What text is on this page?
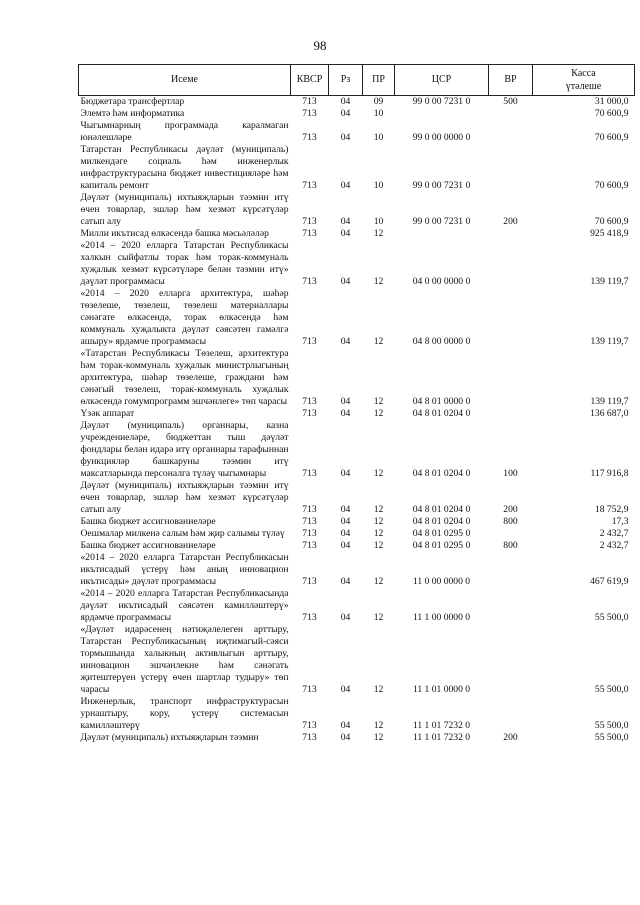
98
Исеме	КВСР	Рз	ПР	ЦСР	ВР	Касса
үтәлеше
Бюджетара трансфертлар	713	04	09	99 0 00 7231 0	500	31 000,0
Элемтә һәм информатика	713	04	10			70 600,9
Чыгымнарның программада каралмаган юнәлешләре	713	04	10	99 0 00 0000 0		70 600,9
Татарстан Республикасы дәүләт (муниципаль) милкендәге социаль һәм инженерлык инфраструктурасына бюджет инвестицияләре һәм капиталь ремонт	713	04	10	99 0 00 7231 0		70 600,9
Дәүләт (муниципаль) ихтыяҗларын тәэмин итү өчен товарлар, эшләр һәм хезмәт күрсәтүләр сатып алу	713	04	10	99 0 00 7231 0	200	70 600,9
Милли икътисад өлкәсендә башка мәсьәләләр	713	04	12			925 418,9
«2014 – 2020 елларга Татарстан Республикасы халкын сыйфатлы торак һәм торак-коммуналь хуҗалык хезмәт күрсәтүләре белән тәэмин итү» дәүләт программасы	713	04	12	04 0 00 0000 0		139 119,7
«2014 – 2020 елларга архитектура, шәһәр төзелеше, төзелеш, төзелеш материаллары сәнәгате өлкәсендә, торак өлкәсендә һәм коммуналь хуҗалыкта дәүләт сәясәтен гамәлгә ашыру» ярдәмче программасы	713	04	12	04 8 00 0000 0		139 119,7
«Татарстан Республикасы Төзелеш, архитектура һәм торак-коммуналь хуҗалык министрлыгының архитектура, шәһәр төзелеше, граждани һәм сәнәгый төзелеш, торак-коммуналь хуҗалык өлкәсендә гомумпрограмм эшчәнлеге» төп чарасы	713	04	12	04 8 01 0000 0		139 119,7
Үзәк аппарат	713	04	12	04 8 01 0204 0		136 687,0
Дәүләт (муниципаль) органнары, казна учреждениеләре, бюджеттан тыш дәүләт фондлары белән идарә итү органнары тарафыннан функцияләр башкаруны тәэмин итү максатларында персоналга түләү чыгымнары	713	04	12	04 8 01 0204 0	100	117 916,8
Дәүләт (муниципаль) ихтыяҗларын тәэмин итү өчен товарлар, эшләр һәм хезмәт күрсәтүләр сатып алу	713	04	12	04 8 01 0204 0	200	18 752,9
Башка бюджет ассигнованиеләре	713	04	12	04 8 01 0204 0	800	17,3
Оешмалар милкенә салым һәм җир салымы түләү	713	04	12	04 8 01 0295 0		2 432,7
Башка бюджет ассигнованиеләре	713	04	12	04 8 01 0295 0	800	2 432,7
«2014 – 2020 елларга Татарстан Республикасын икътисадый үстерү һәм аның инновацион икътисады» дәүләт программасы	713	04	12	11 0 00 0000 0		467 619,9
«2014 – 2020 елларга Татарстан Республикасында дәүләт икътисадый сәясәтен камилләштерү» ярдәмче программасы	713	04	12	11 1 00 0000 0		55 500,0
«Дәүләт идарәсенең нәтиҗәлелеген арттыру, Татарстан Республикасының иҗтимагый-сәяси тормышында халыкның активлыгын арттыру, инновацион эшчәнлекне һәм сәнәгать җитештерүен үстерү өчен шартлар тудыру» төп чарасы	713	04	12	11 1 01 0000 0		55 500,0
Инженерлык, транспорт инфраструктурасын урнаштыру, кору, үстерү системасын камилләштерү	713	04	12	11 1 01 7232 0		55 500,0
Дәүләт (муниципаль) ихтыяҗларын тәэмин	713	04	12	11 1 01 7232 0	200	55 500,0
